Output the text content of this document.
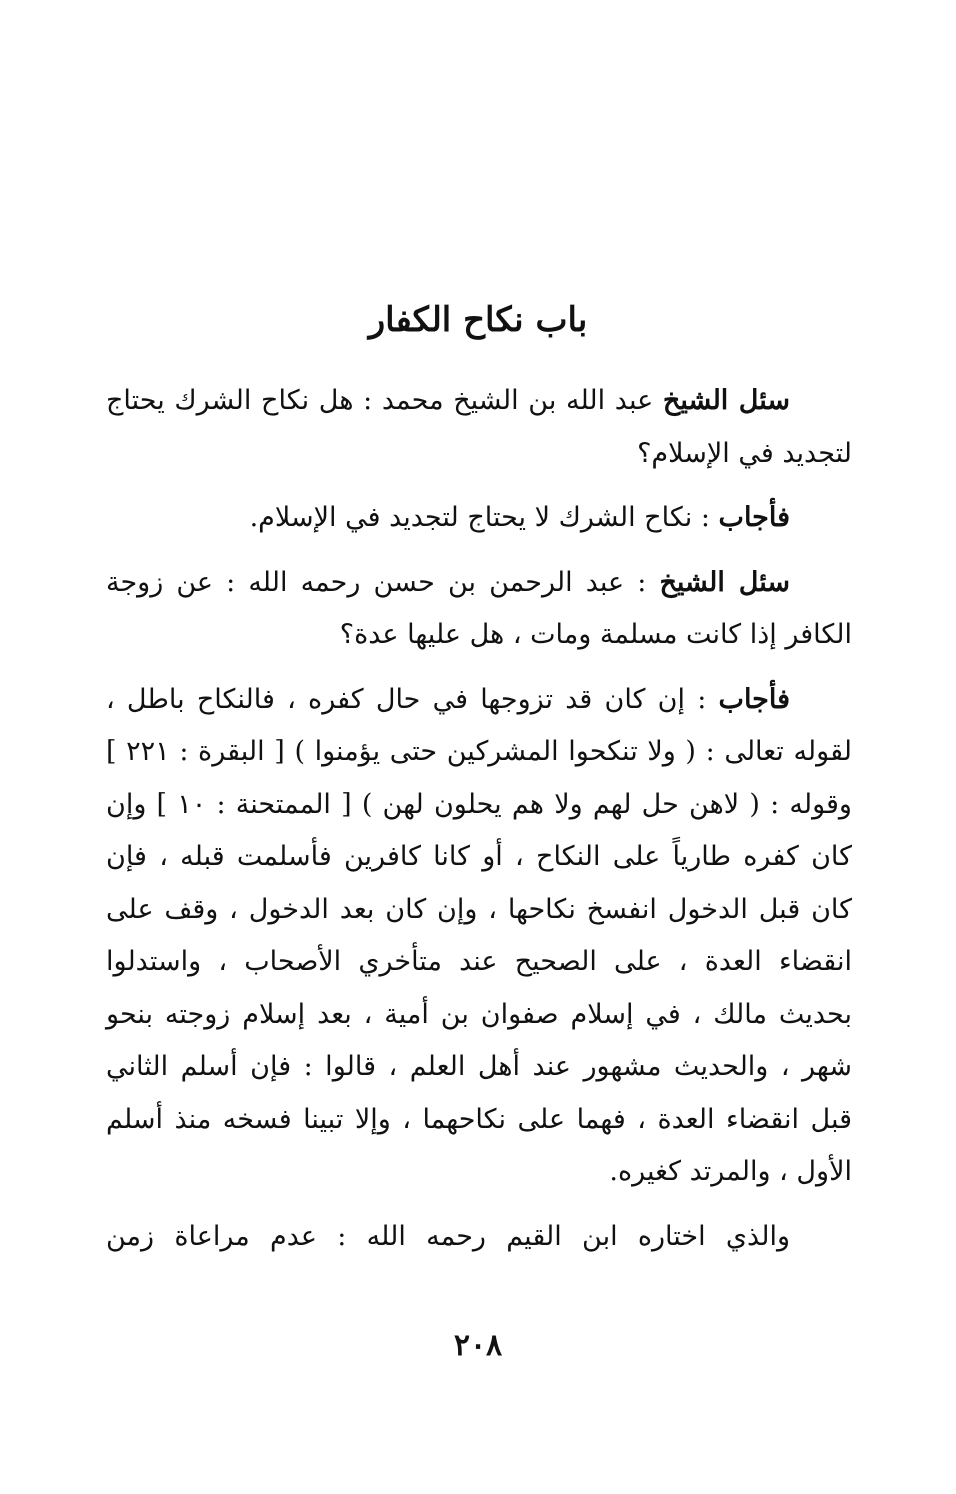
باب نكاح الكفار

سئل الشيخ عبد الله بن الشيخ محمد : هل نكاح الشرك يحتاج لتجديد في الإسلام؟

فأجاب : نكاح الشرك لا يحتاج لتجديد في الإسلام.

سئل الشيخ : عبد الرحمن بن حسن رحمه الله : عن زوجة الكافر إذا كانت مسلمة ومات ، هل عليها عدة؟

فأجاب : إن كان قد تزوجها في حال كفره ، فالنكاح باطل ، لقوله تعالى : ( ولا تنكحوا المشركين حتى يؤمنوا ) [ البقرة : ٢٢١ ] وقوله : ( لاهن حل لهم ولا هم يحلون لهن ) [ الممتحنة : ١٠ ] وإن كان كفره طارياً على النكاح ، أو كانا كافرين فأسلمت قبله ، فإن كان قبل الدخول انفسخ نكاحها ، وإن كان بعد الدخول ، وقف على انقضاء العدة ، على الصحيح عند متأخري الأصحاب ، واستدلوا بحديث مالك ، في إسلام صفوان بن أمية ، بعد إسلام زوجته بنحو شهر ، والحديث مشهور عند أهل العلم ، قالوا : فإن أسلم الثاني قبل انقضاء العدة ، فهما على نكاحهما ، وإلا تبينا فسخه منذ أسلم الأول ، والمرتد كغيره.

والذي اختاره ابن القيم رحمه الله : عدم مراعاة زمن

٢٠٨
